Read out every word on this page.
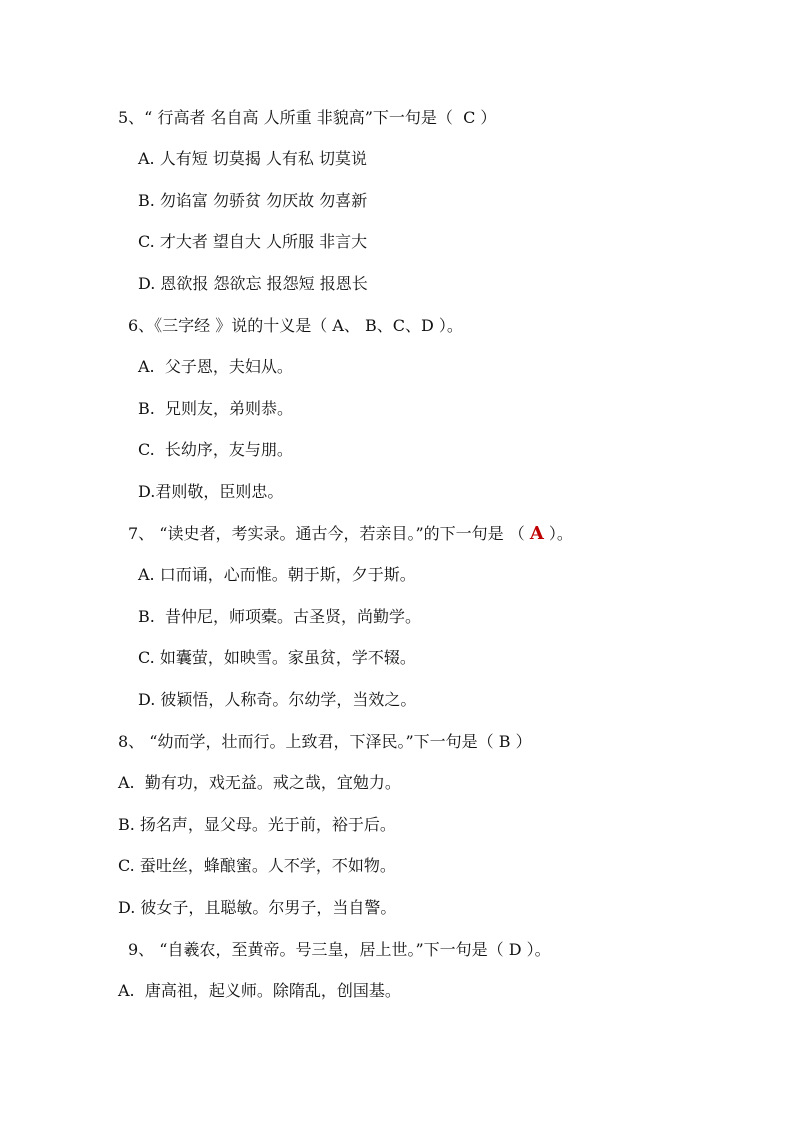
5、“ 行高者 名自高 人所重 非貌高”下一句是（  C ）
A. 人有短 切莫揭 人有私 切莫说
B. 勿谄富 勿骄贫 勿厌故 勿喜新
C. 才大者 望自大 人所服 非言大
D. 恩欲报 怨欲忘 报怨短 报恩长
6、《三字经 》说的十义是（ A、 B、C、D ）。
A.  父子恩，夫妇从。
B.  兄则友，弟则恭。
C.  长幼序，友与朋。
D.君则敬，臣则忠。
7、 “读史者，考实录。通古今，若亲目。”的下一句是 （ A ）。
A. 口而诵，心而惟。朝于斯，夕于斯。
B.  昔仲尼，师项橐。古圣贤，尚勤学。
C. 如囊萤，如映雪。家虽贫，学不辍。
D. 彼颖悟，人称奇。尔幼学，当效之。
8、 “幼而学，壮而行。上致君，下泽民。”下一句是（ B ）
A.  勤有功，戏无益。戒之哉，宜勉力。
B. 扬名声，显父母。光于前，裕于后。
C. 蚕吐丝，蜂酿蜜。人不学，不如物。
D. 彼女子，且聪敏。尔男子，当自警。
9、 “自羲农，至黄帝。号三皇，居上世。”下一句是（ D ）。
A.  唐高祖，起义师。除隋乱，创国基。
